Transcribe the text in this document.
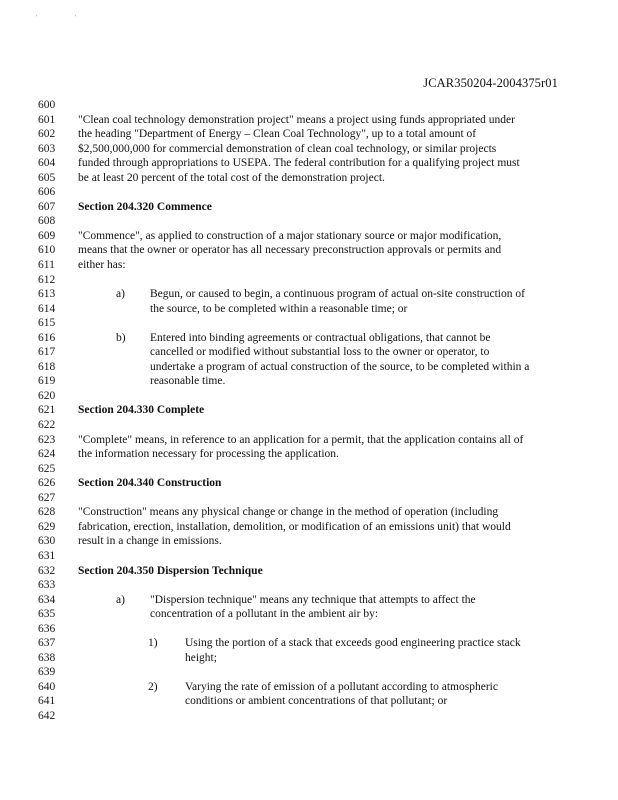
' '
JCAR350204-2004375r01
600
601
602
603
604
605
606
607
608
609
610
611
612
613
614
615
616
617
618
619
620
621
622
623
624
625
626
627
628
629
630
631
632
633
634
635
636
637
638
639
640
641
642
"Clean coal technology demonstration project" means a project using funds appropriated under
the heading "Department of Energy – Clean Coal Technology", up to a total amount of
$2,500,000,000 for commercial demonstration of clean coal technology, or similar projects
funded through appropriations to USEPA. The federal contribution for a qualifying project must
be at least 20 percent of the total cost of the demonstration project.
Section 204.320 Commence
"Commence", as applied to construction of a major stationary source or major modification,
means that the owner or operator has all necessary preconstruction approvals or permits and
either has:
a) Begun, or caused to begin, a continuous program of actual on-site construction of
the source, to be completed within a reasonable time; or
b) Entered into binding agreements or contractual obligations, that cannot be
cancelled or modified without substantial loss to the owner or operator, to
undertake a program of actual construction of the source, to be completed within a
reasonable time.
Section 204.330 Complete
"Complete" means, in reference to an application for a permit, that the application contains all of
the information necessary for processing the application.
Section 204.340 Construction
"Construction" means any physical change or change in the method of operation (including
fabrication, erection, installation, demolition, or modification of an emissions unit) that would
result in a change in emissions.
Section 204.350 Dispersion Technique
a) "Dispersion technique" means any technique that attempts to affect the
concentration of a pollutant in the ambient air by:
1) Using the portion of a stack that exceeds good engineering practice stack
height;
2) Varying the rate of emission of a pollutant according to atmospheric
conditions or ambient concentrations of that pollutant; or
